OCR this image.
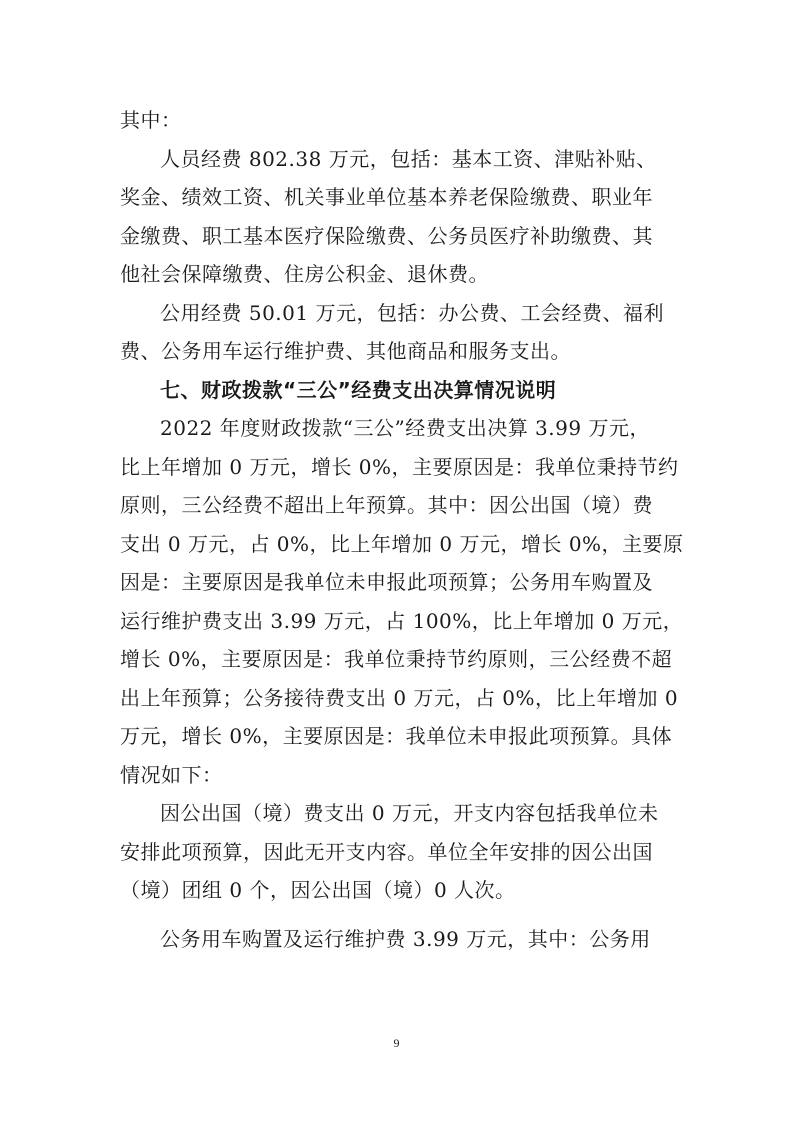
其中：
人员经费 802.38 万元，包括：基本工资、津贴补贴、
奖金、绩效工资、机关事业单位基本养老保险缴费、职业年
金缴费、职工基本医疗保险缴费、公务员医疗补助缴费、其
他社会保障缴费、住房公积金、退休费。
公用经费 50.01 万元，包括：办公费、工会经费、福利
费、公务用车运行维护费、其他商品和服务支出。
七、财政拨款“三公”经费支出决算情况说明
2022 年度财政拨款“三公”经费支出决算 3.99 万元，
比上年增加 0 万元，增长 0%，主要原因是：我单位秉持节约
原则，三公经费不超出上年预算。其中：因公出国（境）费
支出 0 万元，占 0%，比上年增加 0 万元，增长 0%，主要原
因是：主要原因是我单位未申报此项预算；公务用车购置及
运行维护费支出 3.99 万元，占 100%，比上年增加 0 万元，
增长 0%，主要原因是：我单位秉持节约原则，三公经费不超
出上年预算；公务接待费支出 0 万元，占 0%，比上年增加 0
万元，增长 0%，主要原因是：我单位未申报此项预算。具体
情况如下：
因公出国（境）费支出 0 万元，开支内容包括我单位未
安排此项预算，因此无开支内容。单位全年安排的因公出国
（境）团组 0 个，因公出国（境）0 人次。
公务用车购置及运行维护费 3.99 万元，其中：公务用
9
